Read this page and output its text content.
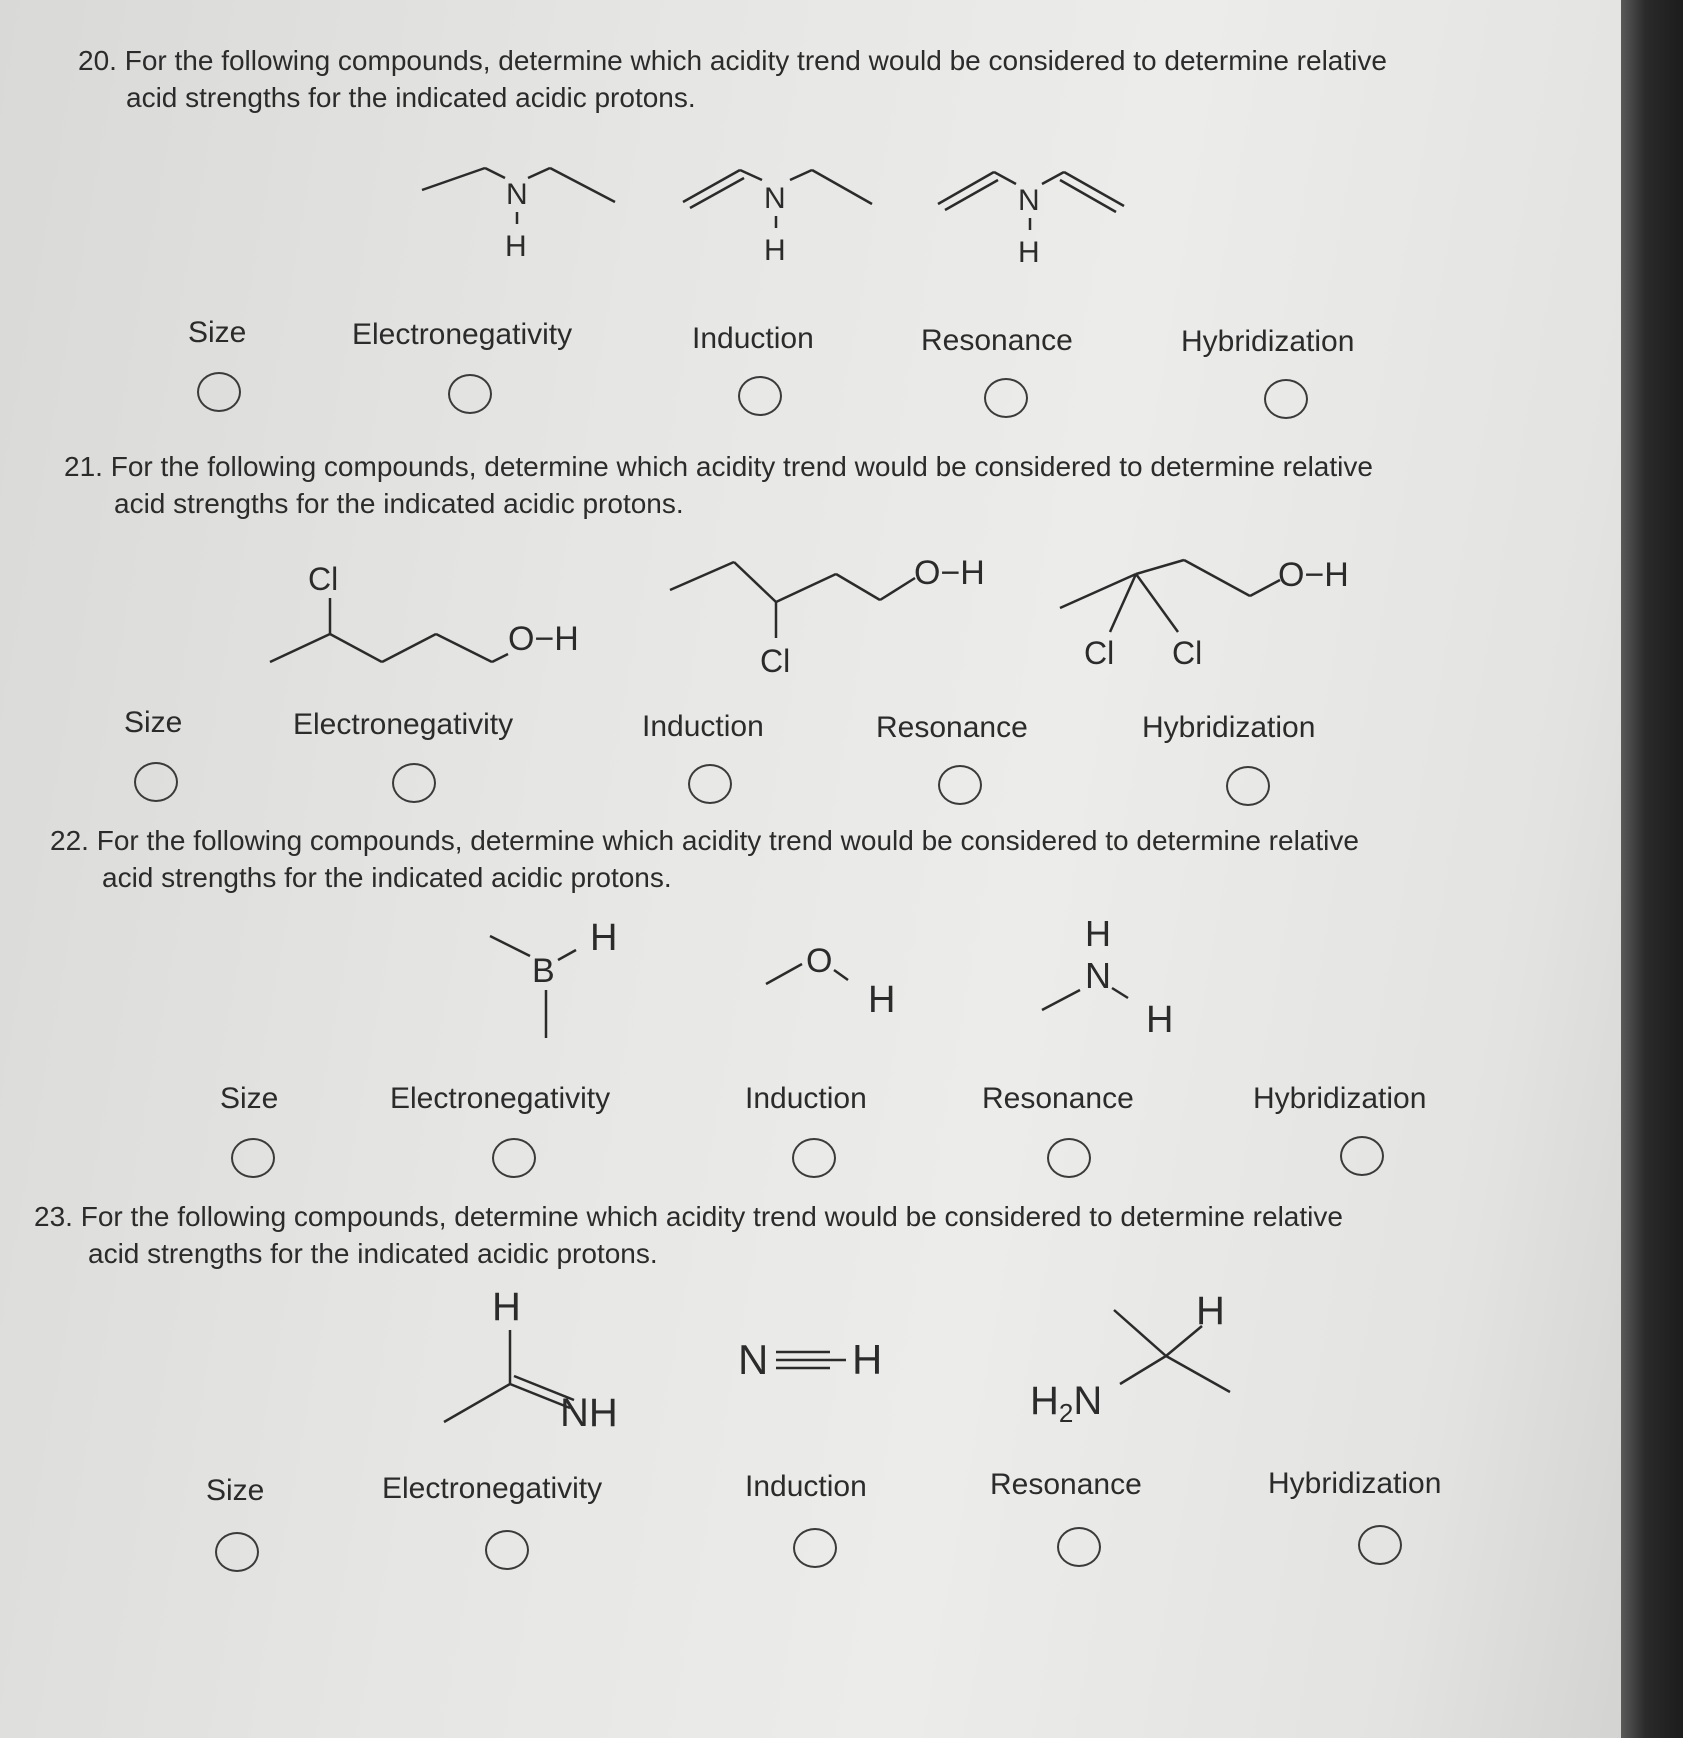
20. For the following compounds, determine which acidity trend would be considered to determine relative
acid strengths for the indicated acidic protons.
N
H
N
H
N
H
Size	Electronegativity	Induction	Resonance	Hybridization
21. For the following compounds, determine which acidity trend would be considered to determine relative
acid strengths for the indicated acidic protons.
Cl
O−H
O−H
Cl
O−H
Cl Cl
Size	Electronegativity	Induction	Resonance	Hybridization
22. For the following compounds, determine which acidity trend would be considered to determine relative
acid strengths for the indicated acidic protons.
B
H
O
H
H
N
H
Size	Electronegativity	Induction	Resonance	Hybridization
23. For the following compounds, determine which acidity trend would be considered to determine relative
acid strengths for the indicated acidic protons.
H
NH
N H
$H_2N$
H
Size	Electronegativity	Induction	Resonance	Hybridization
